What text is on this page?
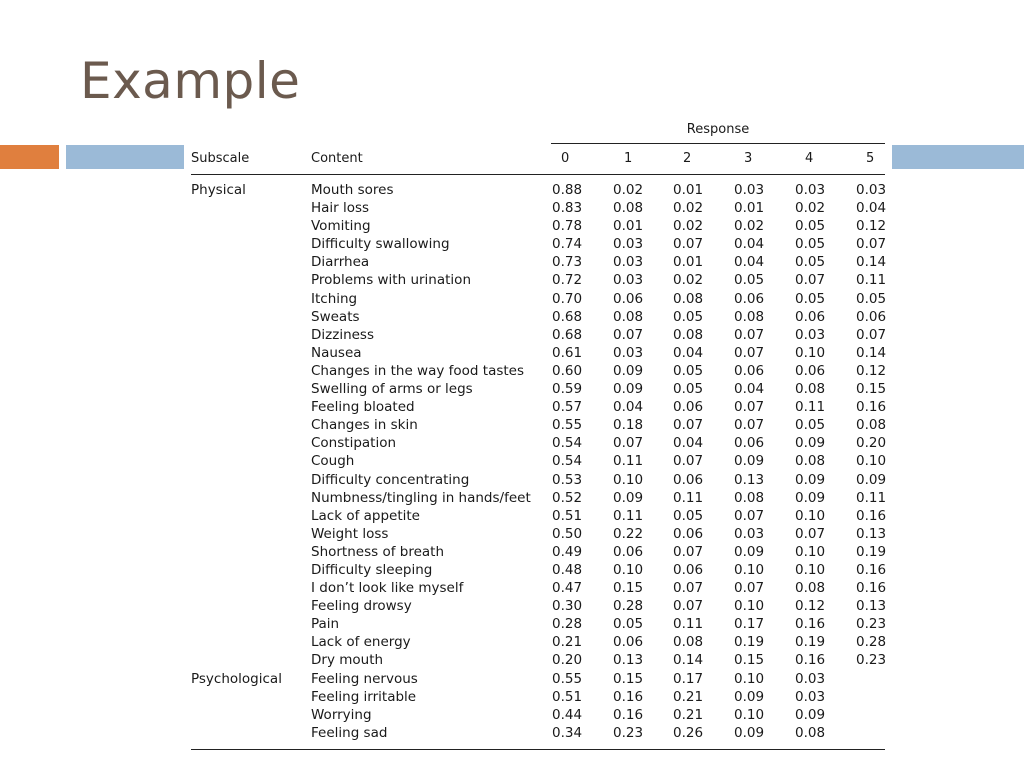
Example
Response
Subscale	Content	0	1	2	3	4	5
Physical	Mouth sores	0.88	0.02	0.01	0.03	0.03	0.03
Hair loss	0.83	0.08	0.02	0.01	0.02	0.04
Vomiting	0.78	0.01	0.02	0.02	0.05	0.12
Difficulty swallowing	0.74	0.03	0.07	0.04	0.05	0.07
Diarrhea	0.73	0.03	0.01	0.04	0.05	0.14
Problems with urination	0.72	0.03	0.02	0.05	0.07	0.11
Itching	0.70	0.06	0.08	0.06	0.05	0.05
Sweats	0.68	0.08	0.05	0.08	0.06	0.06
Dizziness	0.68	0.07	0.08	0.07	0.03	0.07
Nausea	0.61	0.03	0.04	0.07	0.10	0.14
Changes in the way food tastes	0.60	0.09	0.05	0.06	0.06	0.12
Swelling of arms or legs	0.59	0.09	0.05	0.04	0.08	0.15
Feeling bloated	0.57	0.04	0.06	0.07	0.11	0.16
Changes in skin	0.55	0.18	0.07	0.07	0.05	0.08
Constipation	0.54	0.07	0.04	0.06	0.09	0.20
Cough	0.54	0.11	0.07	0.09	0.08	0.10
Difficulty concentrating	0.53	0.10	0.06	0.13	0.09	0.09
Numbness/tingling in hands/feet	0.52	0.09	0.11	0.08	0.09	0.11
Lack of appetite	0.51	0.11	0.05	0.07	0.10	0.16
Weight loss	0.50	0.22	0.06	0.03	0.07	0.13
Shortness of breath	0.49	0.06	0.07	0.09	0.10	0.19
Difficulty sleeping	0.48	0.10	0.06	0.10	0.10	0.16
I don’t look like myself	0.47	0.15	0.07	0.07	0.08	0.16
Feeling drowsy	0.30	0.28	0.07	0.10	0.12	0.13
Pain	0.28	0.05	0.11	0.17	0.16	0.23
Lack of energy	0.21	0.06	0.08	0.19	0.19	0.28
Dry mouth	0.20	0.13	0.14	0.15	0.16	0.23
Psychological	Feeling nervous	0.55	0.15	0.17	0.10	0.03
Feeling irritable	0.51	0.16	0.21	0.09	0.03
Worrying	0.44	0.16	0.21	0.10	0.09
Feeling sad	0.34	0.23	0.26	0.09	0.08
